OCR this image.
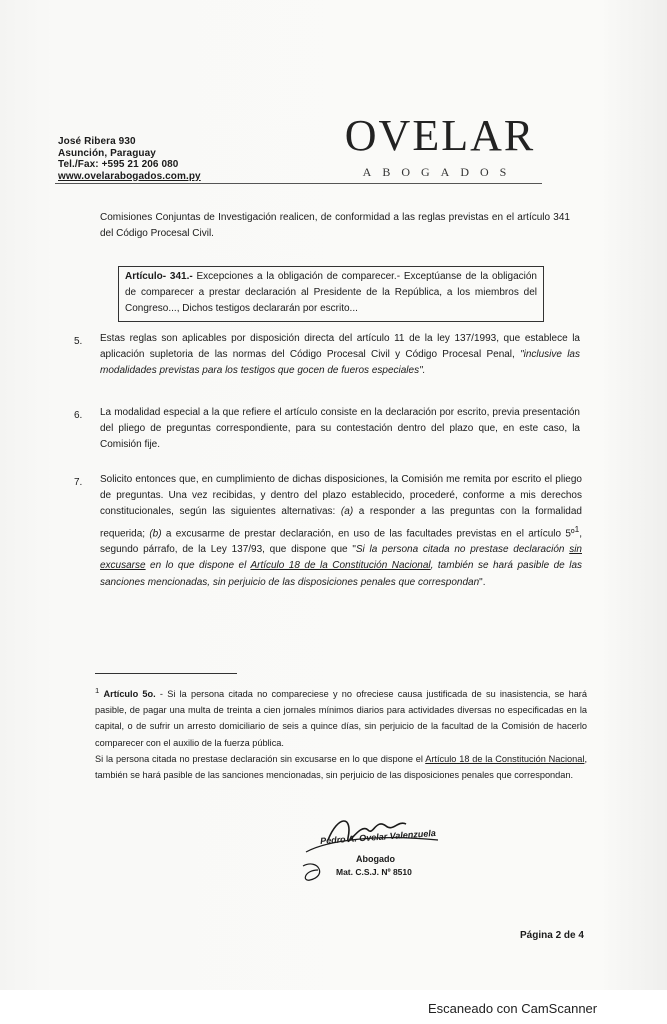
José Ribera 930
Asunción, Paraguay
Tel./Fax: +595 21 206 080
www.ovelarabogados.com.py
OVELAR
ABOGADOS
Comisiones Conjuntas de Investigación realicen, de conformidad a las reglas previstas en el artículo 341 del Código Procesal Civil.
Artículo- 341.- Excepciones a la obligación de comparecer.- Exceptúanse de la obligación de comparecer a prestar declaración al Presidente de la República, a los miembros del Congreso..., Dichos testigos declararán por escrito...
5. Estas reglas son aplicables por disposición directa del artículo 11 de la ley 137/1993, que establece la aplicación supletoria de las normas del Código Procesal Civil y Código Procesal Penal, "inclusive las modalidades previstas para los testigos que gocen de fueros especiales".
6. La modalidad especial a la que refiere el artículo consiste en la declaración por escrito, previa presentación del pliego de preguntas correspondiente, para su contestación dentro del plazo que, en este caso, la Comisión fije.
7. Solicito entonces que, en cumplimiento de dichas disposiciones, la Comisión me remita por escrito el pliego de preguntas. Una vez recibidas, y dentro del plazo establecido, procederé, conforme a mis derechos constitucionales, según las siguientes alternativas: (a) a responder a las preguntas con la formalidad requerida; (b) a excusarme de prestar declaración, en uso de las facultades previstas en el artículo 5º$^1$, segundo párrafo, de la Ley 137/93, que dispone que "Si la persona citada no prestase declaración sin excusarse en lo que dispone el Artículo 18 de la Constitución Nacional, también se hará pasible de las sanciones mencionadas, sin perjuicio de las disposiciones penales que correspondan".
$^1$ Artículo 5o. - Si la persona citada no compareciese y no ofreciese causa justificada de su inasistencia, se hará pasible, de pagar una multa de treinta a cien jornales mínimos diarios para actividades diversas no especificadas en la capital, o de sufrir un arresto domiciliario de seis a quince días, sin perjuicio de la facultad de la Comisión de hacerlo comparecer con el auxilio de la fuerza pública.
Si la persona citada no prestase declaración sin excusarse en lo que dispone el Artículo 18 de la Constitución Nacional, también se hará pasible de las sanciones mencionadas, sin perjuicio de las disposiciones penales que correspondan.
Pedro A. Ovelar Valenzuela
Abogado
Mat. C.S.J. Nº 8510
Página 2 de 4
Escaneado con CamScanner
